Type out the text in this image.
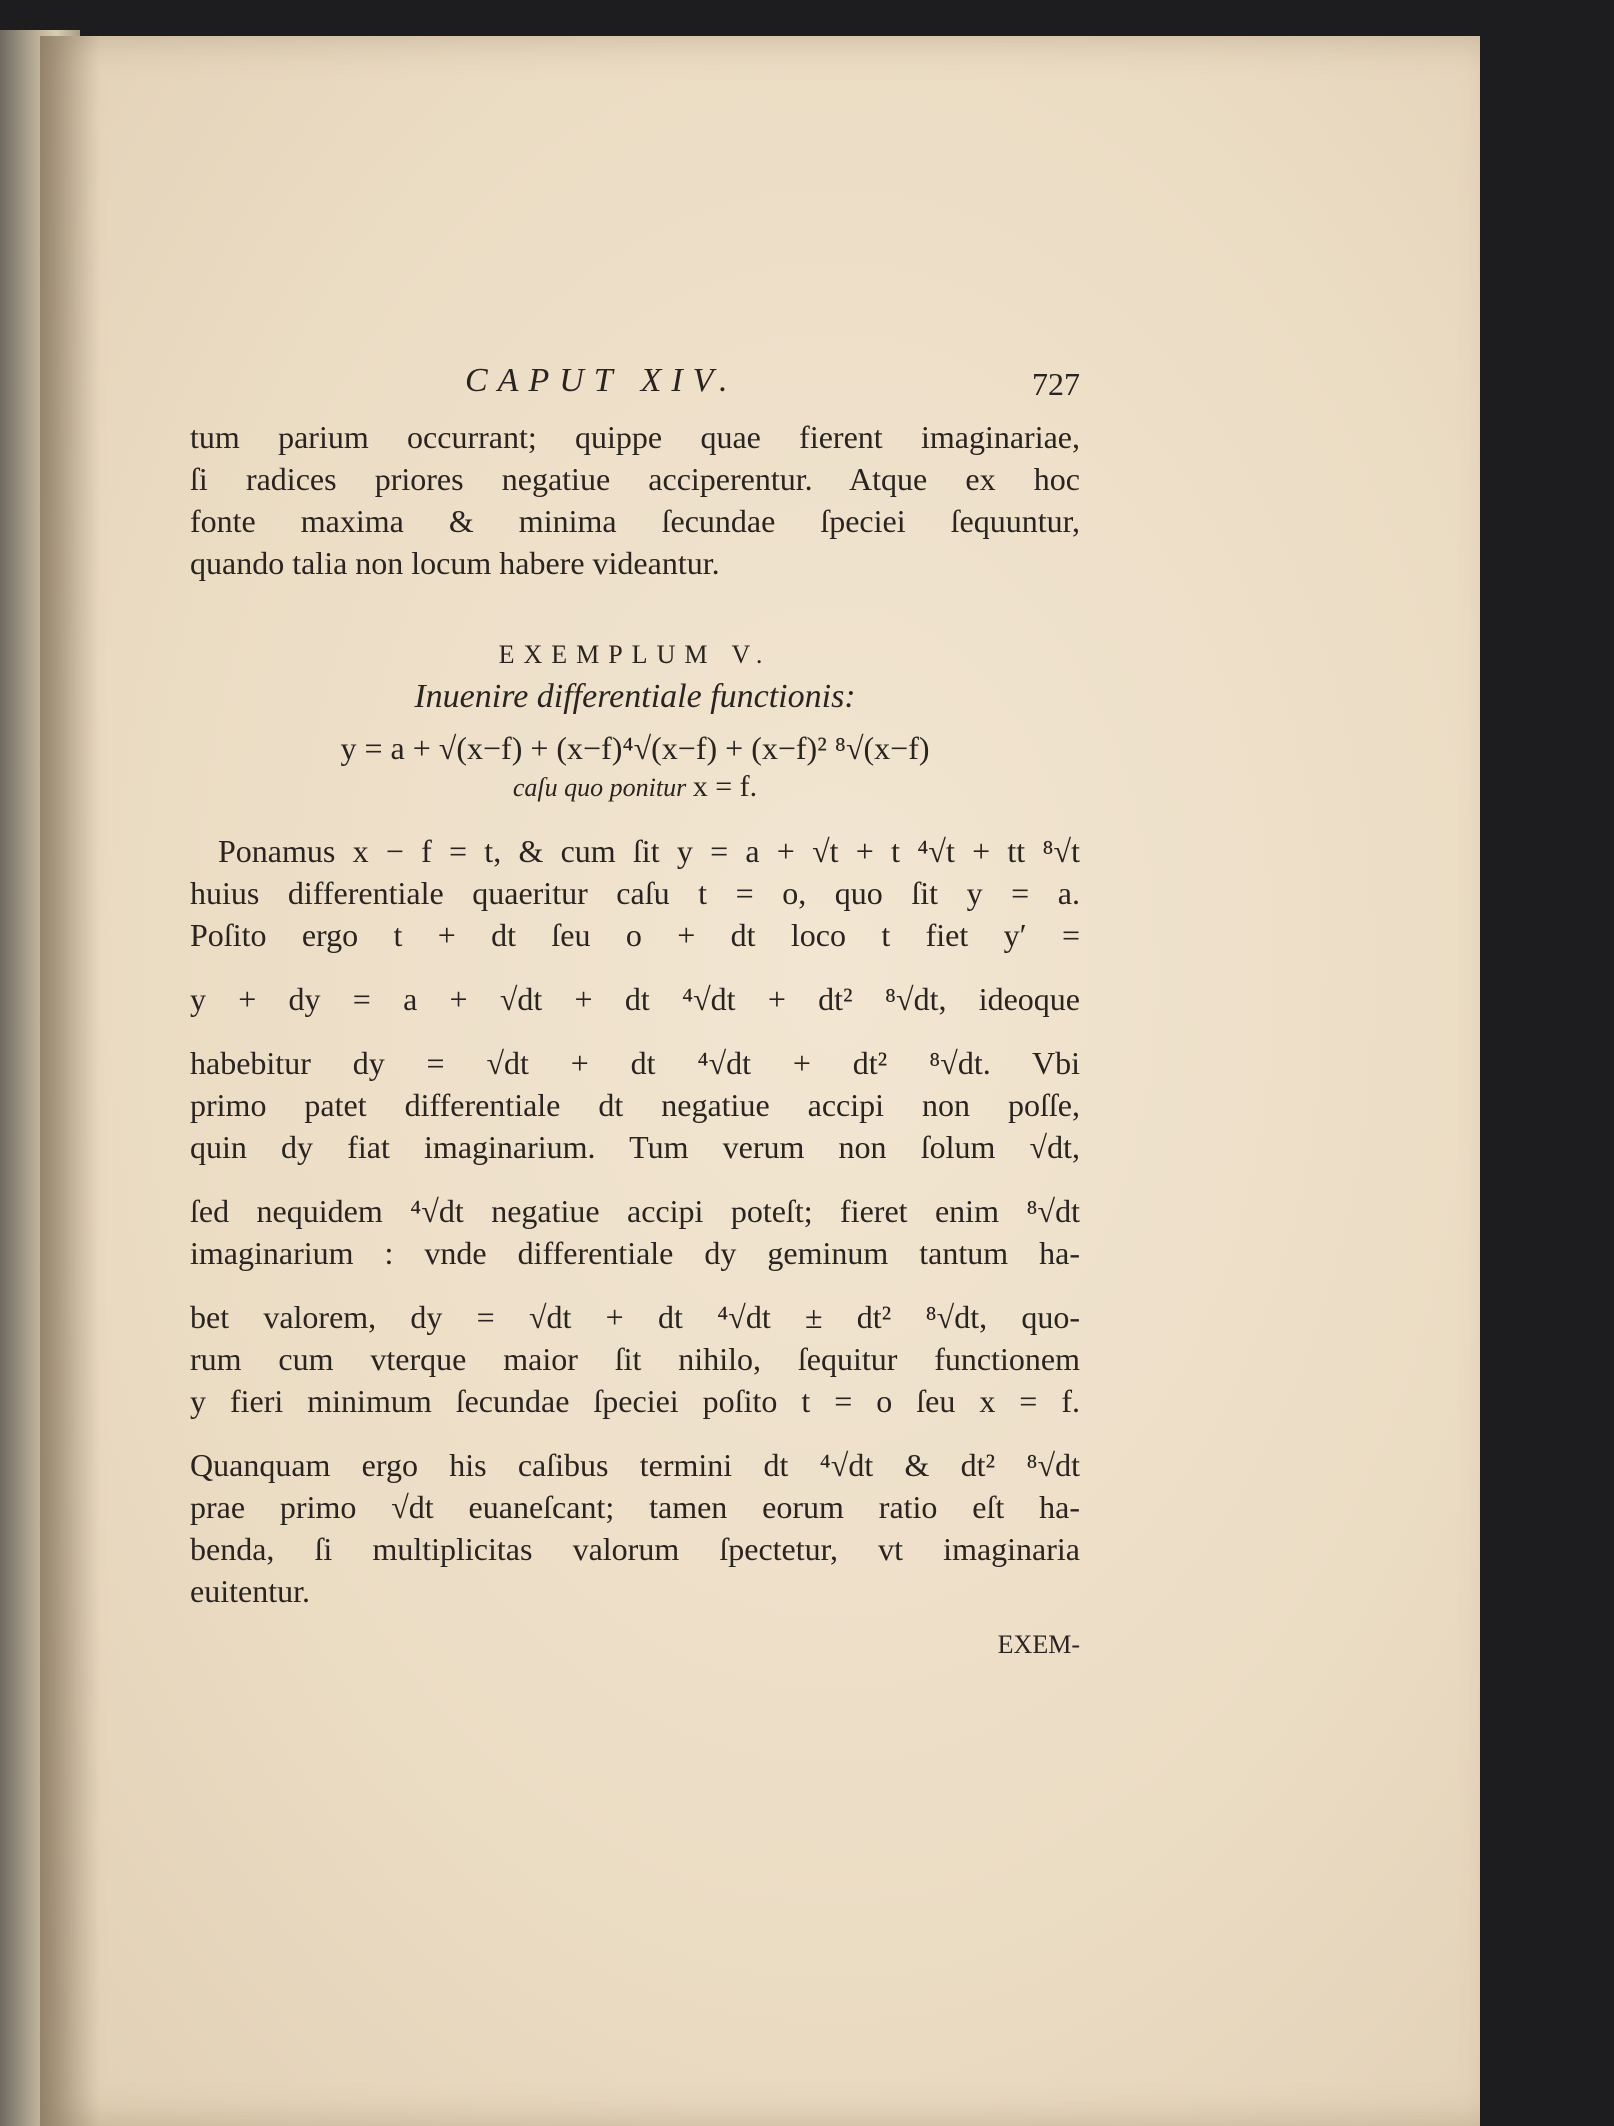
CAPUT XIV.	727

tum parium occurrant; quippe quae fierent imaginariae,

ſi radices priores negatiue acciperentur. Atque ex hoc

fonte maxima & minima ſecundae ſpeciei ſequuntur,

quando talia non locum habere videantur.

EXEMPLUM V.
Inuenire differentiale functionis:
y = a + √(x−f) + (x−f)⁴√(x−f) + (x−f)² ⁸√(x−f)
caſu quo ponitur x = f.

Ponamus x − f = t, & cum ſit y = a + √t + t ⁴√t + tt ⁸√t

huius differentiale quaeritur caſu t = o, quo ſit y = a.

Poſito ergo t + dt ſeu o + dt loco t fiet y′ =

y + dy = a + √dt + dt ⁴√dt + dt² ⁸√dt, ideoque

habebitur dy = √dt + dt ⁴√dt + dt² ⁸√dt. Vbi

primo patet differentiale dt negatiue accipi non poſſe,

quin dy fiat imaginarium. Tum verum non ſolum √dt,

ſed nequidem ⁴√dt negatiue accipi poteſt; fieret enim ⁸√dt

imaginarium : vnde differentiale dy geminum tantum ha-

bet valorem, dy = √dt + dt ⁴√dt ± dt² ⁸√dt, quo-

rum cum vterque maior ſit nihilo, ſequitur functionem

y fieri minimum ſecundae ſpeciei poſito t = o ſeu x = f.

Quanquam ergo his caſibus termini dt ⁴√dt & dt² ⁸√dt

prae primo √dt euaneſcant; tamen eorum ratio eſt ha-

benda, ſi multiplicitas valorum ſpectetur, vt imaginaria

euitentur.

EXEM-
